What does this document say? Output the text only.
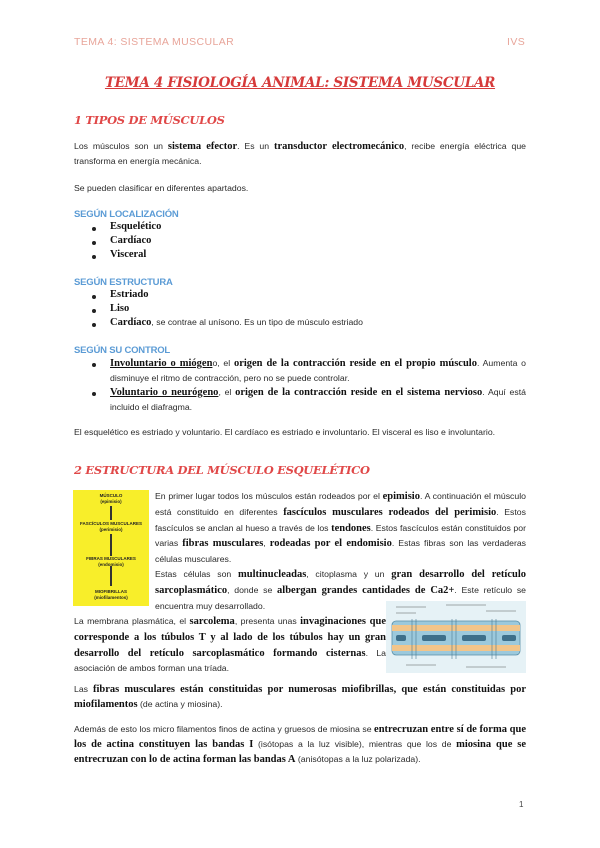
TEMA 4: SISTEMA MUSCULAR	IVS
TEMA 4 FISIOLOGÍA ANIMAL: SISTEMA MUSCULAR
1 TIPOS DE MÚSCULOS
Los músculos son un sistema efector. Es un transductor electromecánico, recibe energía eléctrica que transforma en energía mecánica.
Se pueden clasificar en diferentes apartados.
SEGÚN LOCALIZACIÓN
Esquelético
Cardíaco
Visceral
SEGÚN ESTRUCTURA
Estriado
Liso
Cardíaco, se contrae al unísono. Es un tipo de músculo estriado
SEGÚN SU CONTROL
Involuntario o miógeno, el origen de la contracción reside en el propio músculo. Aumenta o disminuye el ritmo de contracción, pero no se puede controlar.
Voluntario o neurógeno, el origen de la contracción reside en el sistema nervioso. Aquí está incluido el diafragma.
El esquelético es estriado y voluntario. El cardíaco es estriado e involuntario. El visceral es liso e involuntario.
2 ESTRUCTURA DEL MÚSCULO ESQUELÉTICO
MÚSCULO
(epimisio)
FASCÍCULOS MUSCULARES
(perimisio)
FIBRAS MUSCULARES
(endomisio)
MIOFIBRILLAS
(miofilamentos)
En primer lugar todos los músculos están rodeados por el epimisio. A continuación el músculo está constituido en diferentes fascículos musculares rodeados del perimisio. Estos fascículos se anclan al hueso a través de los tendones. Estos fascículos están constituidos por varias fibras musculares, rodeadas por el endomisio. Estas fibras son las verdaderas células musculares.
Estas células son multinucleadas, citoplasma y un gran desarrollo del retículo sarcoplasmático, donde se albergan grandes cantidades de Ca2+. Este retículo se encuentra muy desarrollado.
La membrana plasmática, el sarcolema, presenta unas invaginaciones que corresponde a los túbulos T y al lado de los túbulos hay un gran desarrollo del retículo sarcoplasmático formando cisternas. La asociación de ambos forman una tríada.
Las fibras musculares están constituidas por numerosas miofibrillas, que están constituidas por miofilamentos (de actina y miosina).
Además de esto los micro filamentos finos de actina y gruesos de miosina se entrecruzan entre sí de forma que los de actina constituyen las bandas I (isótopas a la luz visible), mientras que los de miosina que se entrecruzan con lo de actina forman las bandas A (anisótopas a la luz polarizada).
1
